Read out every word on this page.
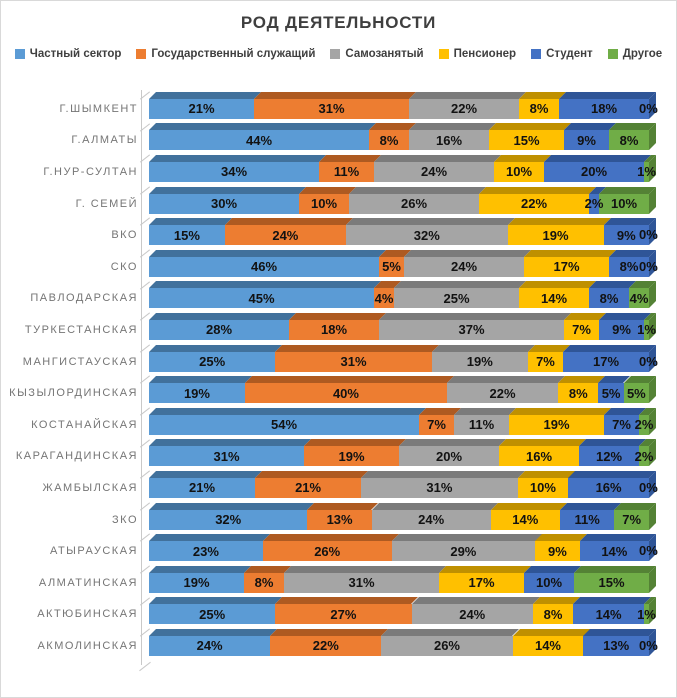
РОД ДЕЯТЕЛЬНОСТИ
Частный сектор	Государственный служащий	Самозанятый	Пенсионер	Студент	Другое
Г.ШЫМКЕНТ	21%	31%	22%	8%	18% 0%
Г.АЛМАТЫ	44%	8%	16%	15%	9% 8%
Г.НУР-СУЛТАН	34%	11%	24%	10%	20% 1%
Г. СЕМЕЙ	30%	10%	26%	22%	2% 10%
ВКО	15%	24%	32%	19%	9% 0%
СКО	46%	5%	24%	17%	8% 0%
ПАВЛОДАРСКАЯ	45%	4%	25%	14%	8% 4%
ТУРКЕСТАНСКАЯ	28%	18%	37%	7% 9% 1%
МАНГИСТАУСКАЯ	25%	31%	19%	7%	17% 0%
КЫЗЫЛОРДИНСКАЯ	19%	40%	22%	8% 5% 5%
КОСТАНАЙСКАЯ	54%	7% 11%	19%	7% 2%
КАРАГАНДИНСКАЯ	31%	19%	20%	16%	12% 2%
ЖАМБЫЛСКАЯ	21%	21%	31%	10%	16% 0%
ЗКО	32%	13%	24%	14%	11% 7%
АТЫРАУСКАЯ	23%	26%	29%	9%	14% 0%
АЛМАТИНСКАЯ	19%	8%	31%	17%	10%	15%
АКТЮБИНСКАЯ	25%	27%	24%	8%	14% 1%
АКМОЛИНСКАЯ	24%	22%	26%	14%	13% 0%
